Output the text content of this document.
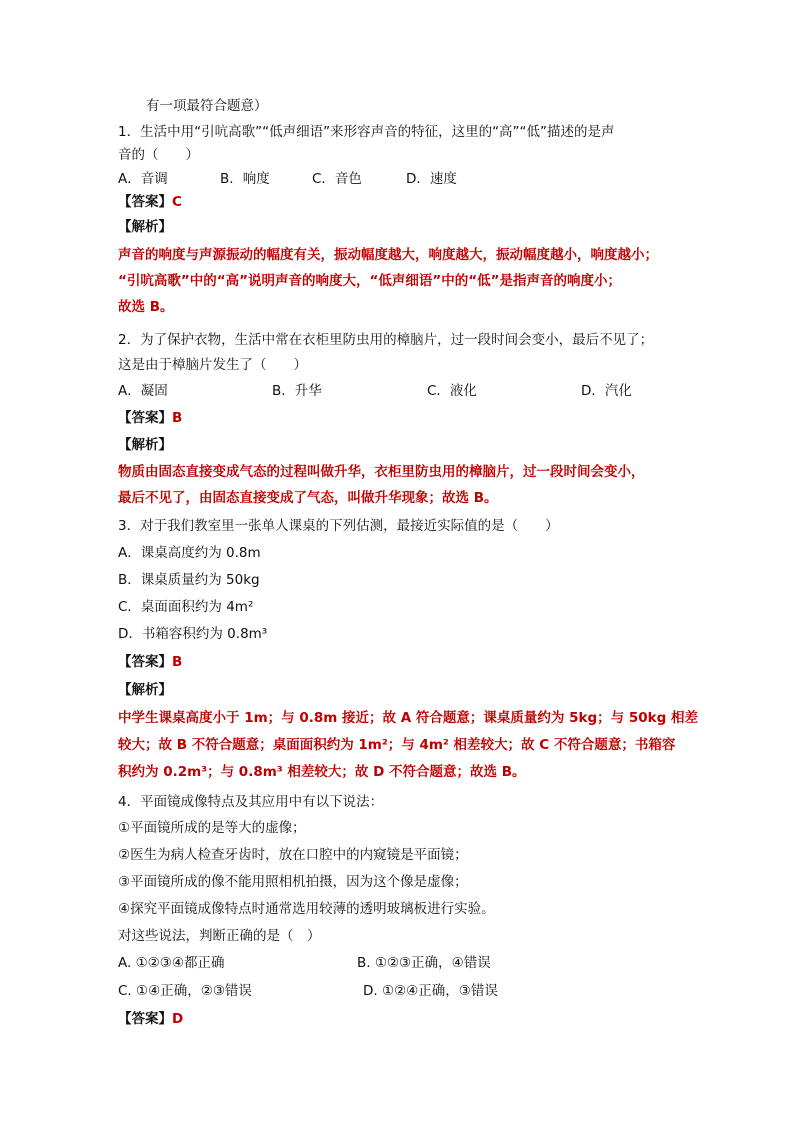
有一项最符合题意）
1．生活中用“引吭高歌”“低声细语”来形容声音的特征，这里的“高”“低”描述的是声
音的（　　）
A．音调	B．响度	C．音色	D．速度
【答案】C
【解析】
声音的响度与声源振动的幅度有关，振动幅度越大，响度越大，振动幅度越小，响度越小；
“引吭高歌”中的“高”说明声音的响度大，“低声细语”中的“低”是指声音的响度小；
故选 B。
2．为了保护衣物，生活中常在衣柜里防虫用的樟脑片，过一段时间会变小，最后不见了；
这是由于樟脑片发生了（　　）
A．凝固	B．升华	C．液化	D．汽化
【答案】B
【解析】
物质由固态直接变成气态的过程叫做升华，衣柜里防虫用的樟脑片，过一段时间会变小，
最后不见了，由固态直接变成了气态，叫做升华现象；故选 B。
3．对于我们教室里一张单人课桌的下列估测，最接近实际值的是（　　）
A．课桌高度约为 0.8m
B．课桌质量约为 50kg
C．桌面面积约为 4m²
D．书箱容积约为 0.8m³
【答案】B
【解析】
中学生课桌高度小于 1m；与 0.8m 接近；故 A 符合题意；课桌质量约为 5kg；与 50kg 相差
较大；故 B 不符合题意；桌面面积约为 1m²；与 4m² 相差较大；故 C 不符合题意；书箱容
积约为 0.2m³；与 0.8m³ 相差较大；故 D 不符合题意；故选 B。
4．平面镜成像特点及其应用中有以下说法：
①平面镜所成的是等大的虚像；
②医生为病人检查牙齿时，放在口腔中的内窥镜是平面镜；
③平面镜所成的像不能用照相机拍摄，因为这个像是虚像；
④探究平面镜成像特点时通常选用较薄的透明玻璃板进行实验。
对这些说法，判断正确的是（　）
A. ①②③④都正确	B. ①②③正确，④错误
C. ①④正确，②③错误	D. ①②④正确，③错误
【答案】D
